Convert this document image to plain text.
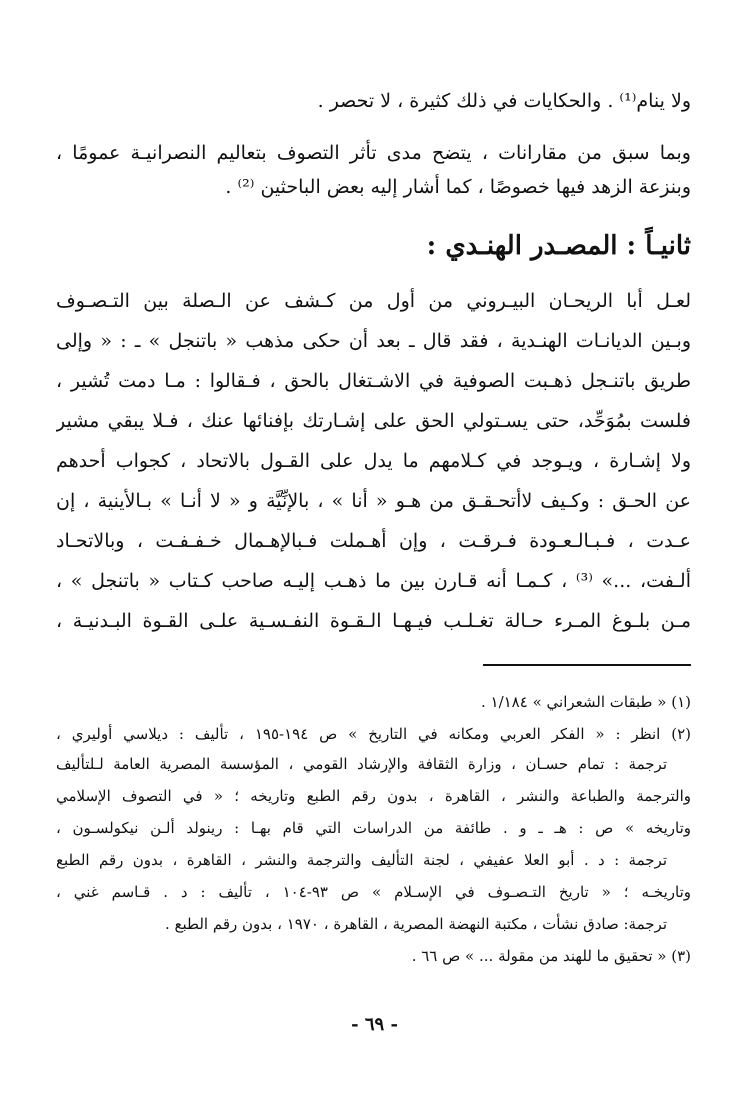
ولا ينام⁽¹⁾ . والحكايات في ذلك كثيرة ، لا تحصر .
وبما سبق من مقارانات ، يتضح مدى تأثر التصوف بتعاليم النصرانيـة عمومًا ،
وبنزعة الزهد فيها خصوصًا ، كما أشار إليه بعض الباحثين ⁽²⁾ .
ثانيـاً : المصـدر الهنـدي :
لعـل أبا الريحـان البيـروني من أول من كـشف عن الـصلة بين التـصـوف
وبـين الديانـات الهنـدية ، فقد قال ـ بعد أن حكى مذهب « باتنجل » ـ : « وإلى
طريق باتنـجل ذهـبت الصوفية في الاشـتغال بالحق ، فـقالوا : مـا دمت تُشير ،
فلست بمُوَحِّد، حتى يسـتولي الحق على إشـارتك بإفنائها عنك ، فـلا يبقي مشير
ولا إشـارة ، ويـوجد في كـلامهم ما يدل على القـول بالاتحاد ، كجواب أحدهم
عن الحـق : وكـيف لاأتحـقـق من هـو « أنا » ، بالإنِّيَّة و « لا أنـا » بـالأينية ، إن
عـدت ، فـبـالـعـودة فـرقـت ، وإن أهـملت فـبالإهـمال خـفـفـت ، وبالاتحـاد
ألـفت، ...» ⁽³⁾ ، كـمـا أنه قـارن بين ما ذهـب إليـه صاحب كـتاب « باتنجل » ،
مـن بلـوغ المـرء حـالة تغـلـب فيـهـا الـقـوة النفـسـية علـى القـوة البـدنيـة ،
(١) « طبقات الشعراني » ١/١٨٤ .
(٢) انظر : « الفكر العربي ومكانه في التاريخ » ص ١٩٤-١٩٥ ، تأليف : ديلاسي أوليري ،
ترجمة : تمام حسـان ، وزارة الثقافة والإرشاد القومي ، المؤسسة المصرية العامة لـلتأليف
والترجمة والطباعة والنشر ، القاهرة ، بدون رقم الطبع وتاريخه ؛ « في التصوف الإسلامي
وتاريخه » ص : هـ ـ و . طائفة من الدراسات التي قام بهـا : رينولد ألـن نيكولسـون ،
ترجمة : د . أبو العلا عفيفي ، لجنة التأليف والترجمة والنشر ، القاهرة ، بدون رقم الطبع
وتاريخـه ؛ « تاريخ التـصـوف في الإسـلام » ص ٩٣-١٠٤ ، تأليف : د . قـاسم غني ،
ترجمة: صادق نشأت ، مكتبة النهضة المصرية ، القاهرة ، ١٩٧٠ ، بدون رقم الطبع .
(٣) « تحقيق ما للهند من مقولة ... » ص ٦٦ .
- ٦٩ -
